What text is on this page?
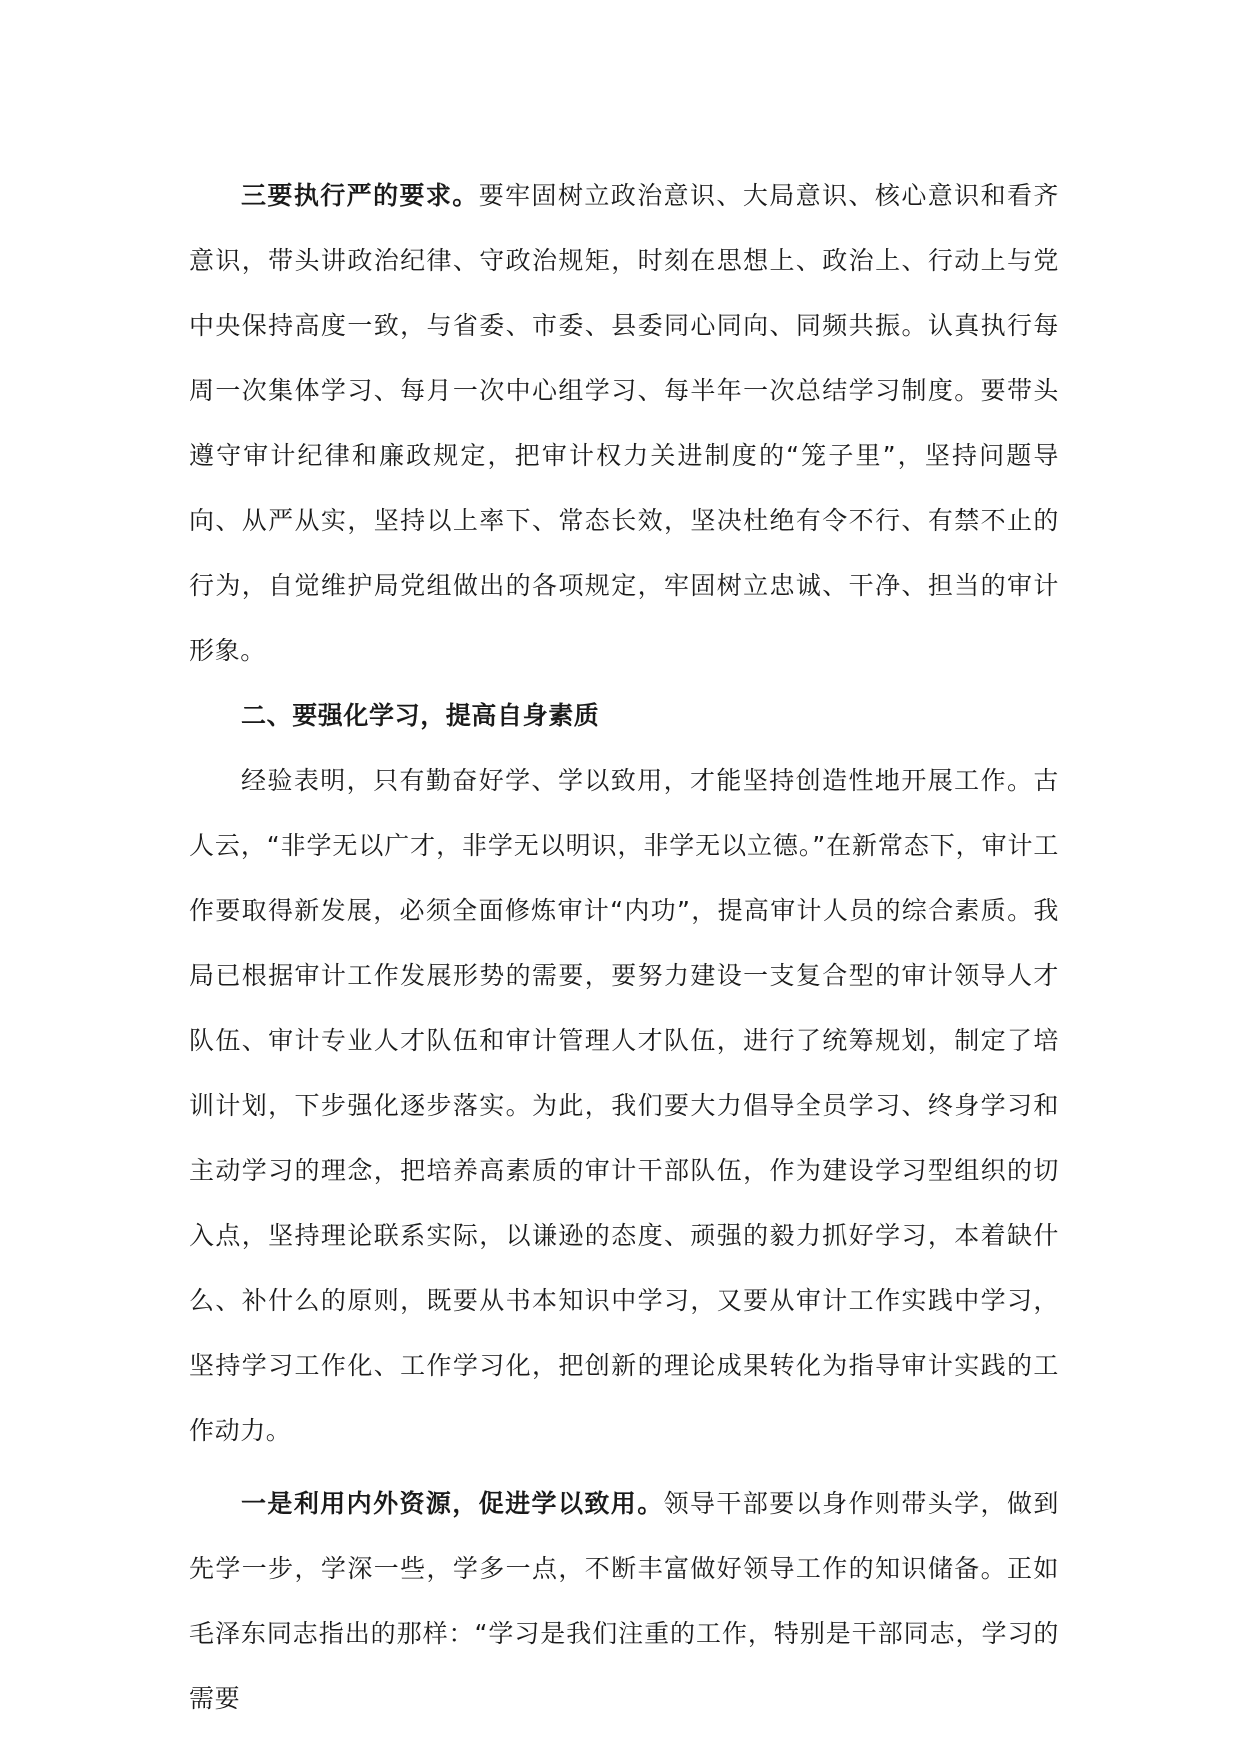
三要执行严的要求。要牢固树立政治意识、大局意识、核心意识和看齐意识，带头讲政治纪律、守政治规矩，时刻在思想上、政治上、行动上与党中央保持高度一致，与省委、市委、县委同心同向、同频共振。认真执行每周一次集体学习、每月一次中心组学习、每半年一次总结学习制度。要带头遵守审计纪律和廉政规定，把审计权力关进制度的“笼子里”，坚持问题导向、从严从实，坚持以上率下、常态长效，坚决杜绝有令不行、有禁不止的行为，自觉维护局党组做出的各项规定，牢固树立忠诚、干净、担当的审计形象。

二、要强化学习，提高自身素质

经验表明，只有勤奋好学、学以致用，才能坚持创造性地开展工作。古人云，“非学无以广才，非学无以明识，非学无以立德。”在新常态下，审计工作要取得新发展，必须全面修炼审计“内功”，提高审计人员的综合素质。我局已根据审计工作发展形势的需要，要努力建设一支复合型的审计领导人才队伍、审计专业人才队伍和审计管理人才队伍，进行了统筹规划，制定了培训计划，下步强化逐步落实。为此，我们要大力倡导全员学习、终身学习和主动学习的理念，把培养高素质的审计干部队伍，作为建设学习型组织的切入点，坚持理论联系实际，以谦逊的态度、顽强的毅力抓好学习，本着缺什么、补什么的原则，既要从书本知识中学习，又要从审计工作实践中学习，坚持学习工作化、工作学习化，把创新的理论成果转化为指导审计实践的工作动力。

一是利用内外资源，促进学以致用。领导干部要以身作则带头学，做到先学一步，学深一些，学多一点，不断丰富做好领导工作的知识储备。正如毛泽东同志指出的那样：“学习是我们注重的工作，特别是干部同志，学习的需要
